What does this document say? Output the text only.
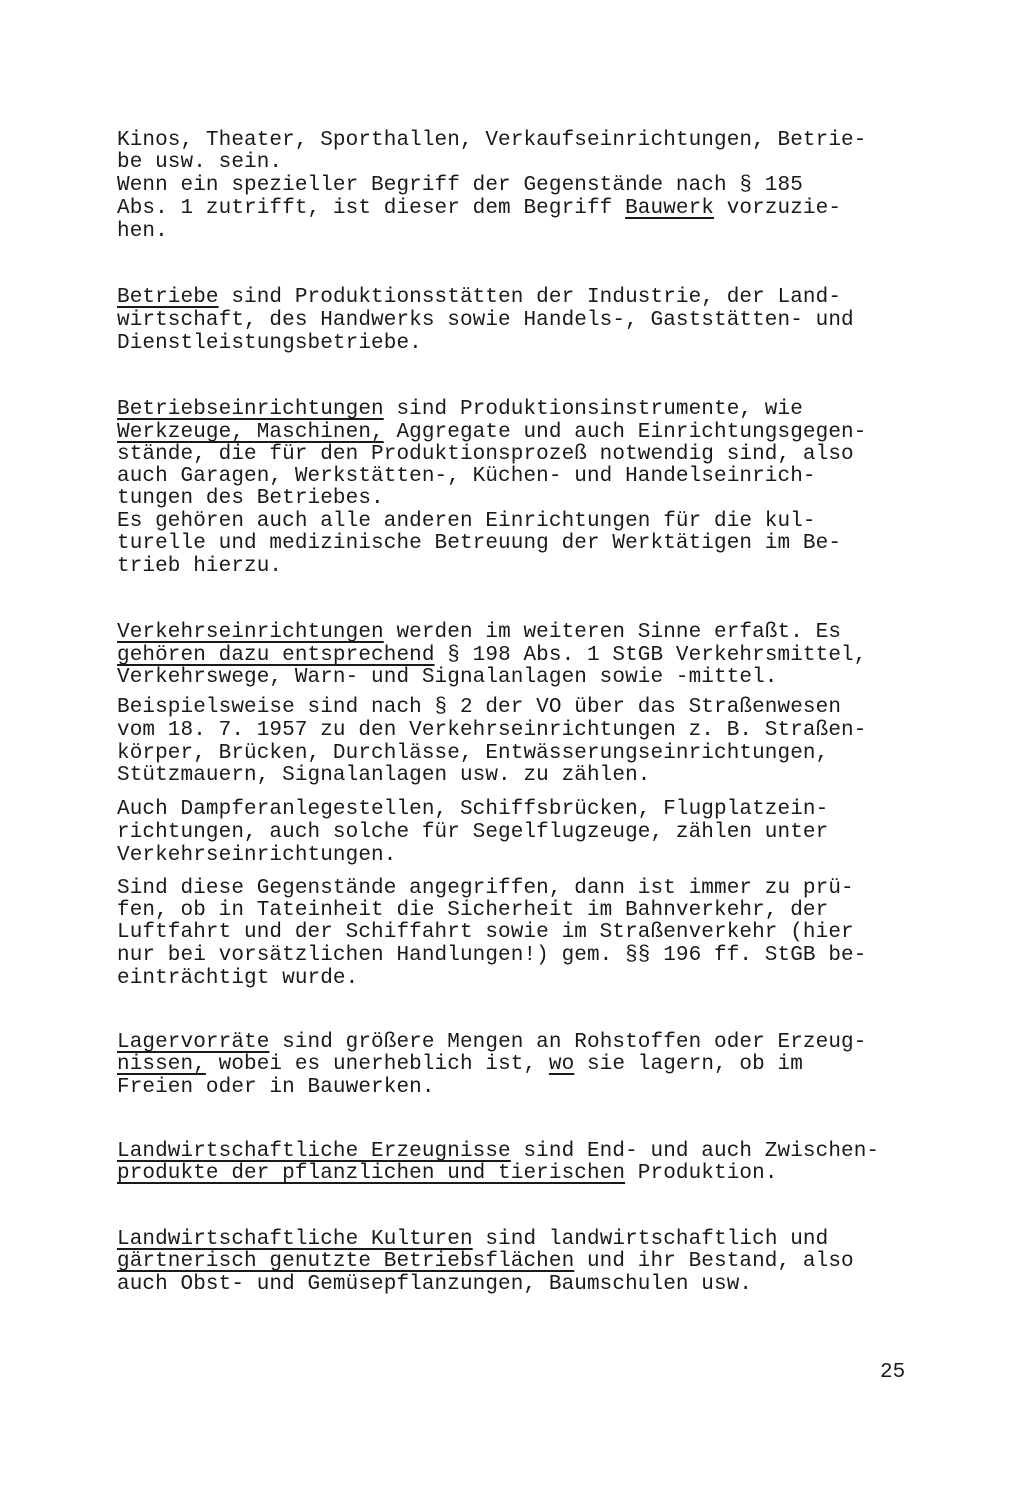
Kinos, Theater, Sporthallen, Verkaufseinrichtungen, Betrie-

be usw. sein.

Wenn ein spezieller Begriff der Gegenstände nach § 185

Abs. 1 zutrifft, ist dieser dem Begriff Bauwerk vorzuzie-

hen.

Betriebe sind Produktionsstätten der Industrie, der Land-

wirtschaft, des Handwerks sowie Handels-, Gaststätten- und

Dienstleistungsbetriebe.

Betriebseinrichtungen sind Produktionsinstrumente, wie

Werkzeuge, Maschinen, Aggregate und auch Einrichtungsgegen-

stände, die für den Produktionsprozeß notwendig sind, also

auch Garagen, Werkstätten-, Küchen- und Handelseinrich-

tungen des Betriebes.

Es gehören auch alle anderen Einrichtungen für die kul-

turelle und medizinische Betreuung der Werktätigen im Be-

trieb hierzu.

Verkehrseinrichtungen werden im weiteren Sinne erfaßt. Es

gehören dazu entsprechend § 198 Abs. 1 StGB Verkehrsmittel,

Verkehrswege, Warn- und Signalanlagen sowie -mittel.

Beispielsweise sind nach § 2 der VO über das Straßenwesen

vom 18. 7. 1957 zu den Verkehrseinrichtungen z. B. Straßen-

körper, Brücken, Durchlässe, Entwässerungseinrichtungen,

Stützmauern, Signalanlagen usw. zu zählen.

Auch Dampferanlegestellen, Schiffsbrücken, Flugplatzein-

richtungen, auch solche für Segelflugzeuge, zählen unter

Verkehrseinrichtungen.

Sind diese Gegenstände angegriffen, dann ist immer zu prü-

fen, ob in Tateinheit die Sicherheit im Bahnverkehr, der

Luftfahrt und der Schiffahrt sowie im Straßenverkehr (hier

nur bei vorsätzlichen Handlungen!) gem. §§ 196 ff. StGB be-

einträchtigt wurde.

Lagervorräte sind größere Mengen an Rohstoffen oder Erzeug-

nissen, wobei es unerheblich ist, wo sie lagern, ob im

Freien oder in Bauwerken.

Landwirtschaftliche Erzeugnisse sind End- und auch Zwischen-

produkte der pflanzlichen und tierischen Produktion.

Landwirtschaftliche Kulturen sind landwirtschaftlich und

gärtnerisch genutzte Betriebsflächen und ihr Bestand, also

auch Obst- und Gemüsepflanzungen, Baumschulen usw.

25
